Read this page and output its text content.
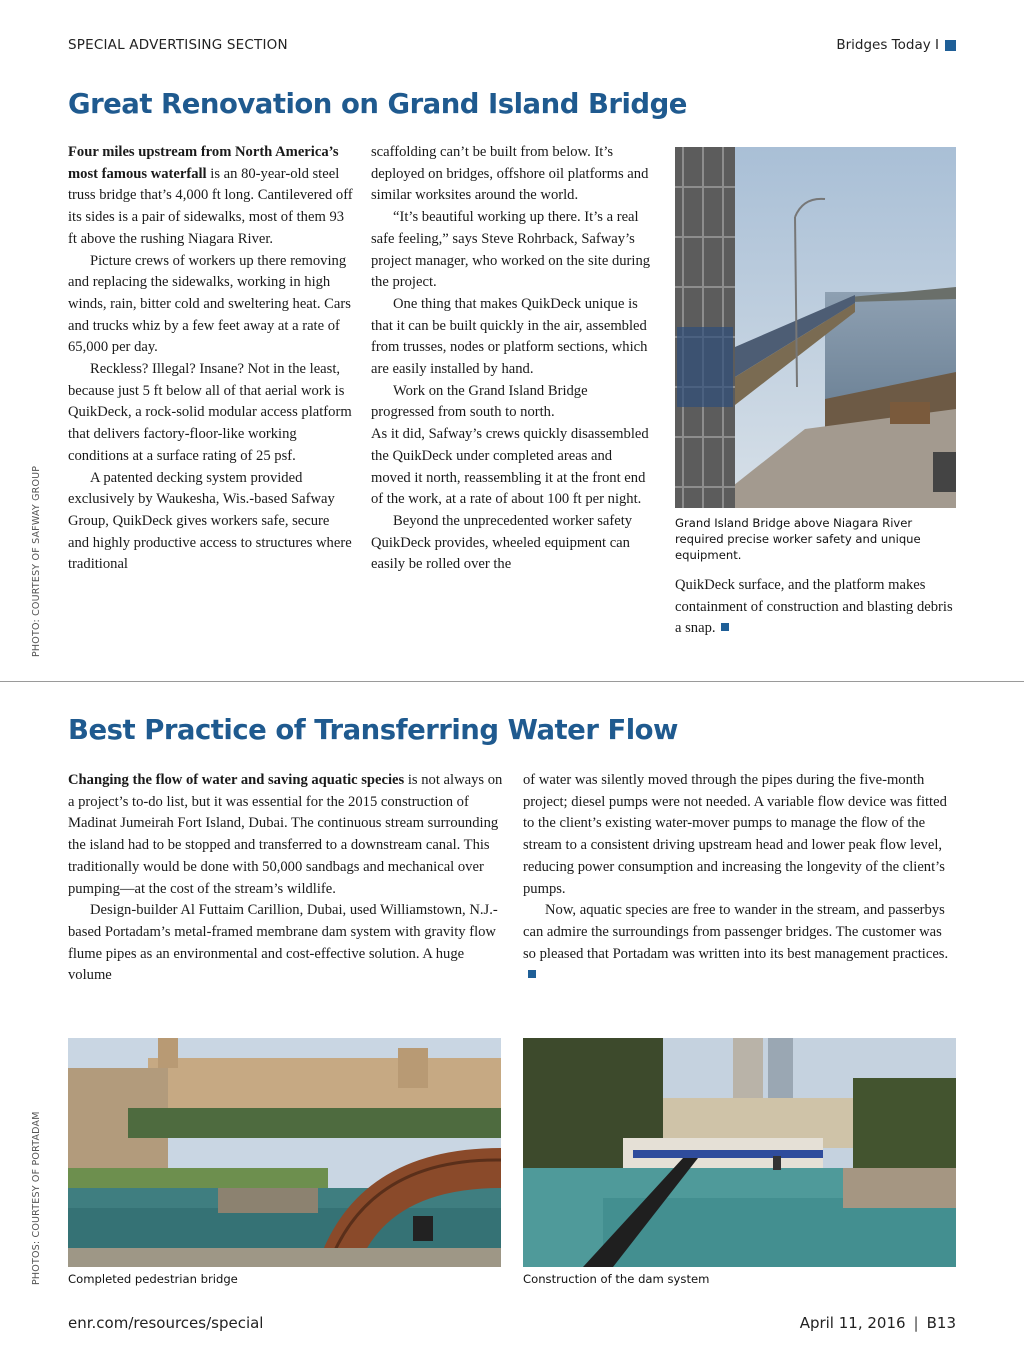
SPECIAL ADVERTISING SECTION	Bridges Today I
Great Renovation on Grand Island Bridge

Four miles upstream from North America’s most famous waterfall is an 80-year-old steel truss bridge that’s 4,000 ft long. Cantilevered off its sides is a pair of sidewalks, most of them 93 ft above the rushing Niagara River.

Picture crews of workers up there removing and replacing the sidewalks, working in high winds, rain, bitter cold and sweltering heat. Cars and trucks whiz by a few feet away at a rate of 65,000 per day.

Reckless? Illegal? Insane? Not in the least, because just 5 ft below all of that aerial work is QuikDeck, a rock-solid modular access platform that delivers factory-floor-like working conditions at a surface rating of 25 psf.

A patented decking system provided exclusively by Waukesha, Wis.-based Safway Group, QuikDeck gives workers safe, secure and highly productive access to structures where traditional

scaffolding can’t be built from below. It’s deployed on bridges, offshore oil platforms and similar worksites around the world.

“It’s beautiful working up there. It’s a real safe feeling,” says Steve Rohrback, Safway’s project manager, who worked on the site during the project.

One thing that makes QuikDeck unique is that it can be built quickly in the air, assembled from trusses, nodes or platform sections, which are easily installed by hand.

Work on the Grand Island Bridge progressed from south to north.

As it did, Safway’s crews quickly disassembled the QuikDeck under completed areas and moved it north, reassembling it at the front end of the work, at a rate of about 100 ft per night.

Beyond the unprecedented worker safety QuikDeck provides, wheeled equipment can easily be rolled over the

Grand Island Bridge above Niagara River required precise worker safety and unique equipment.

QuikDeck surface, and the platform makes containment of construction and blasting debris a snap.

PHOTO: COURTESY OF SAFWAY GROUP
Best Practice of Transferring Water Flow

Changing the flow of water and saving aquatic species is not always on a project’s to-do list, but it was essential for the 2015 construction of Madinat Jumeirah Fort Island, Dubai. The continuous stream surrounding the island had to be stopped and transferred to a downstream canal. This traditionally would be done with 50,000 sandbags and mechanical over pumping—at the cost of the stream’s wildlife.

Design-builder Al Futtaim Carillion, Dubai, used Williamstown, N.J.-based Portadam’s metal-framed membrane dam system with gravity flow flume pipes as an environmental and cost-effective solution. A huge volume

of water was silently moved through the pipes during the five-month project; diesel pumps were not needed. A variable flow device was fitted to the client’s existing water-mover pumps to manage the flow of the stream to a consistent driving upstream head and lower peak flow level, reducing power consumption and increasing the longevity of the client’s pumps.

Now, aquatic species are free to wander in the stream, and passerbys can admire the surroundings from passenger bridges. The customer was so pleased that Portadam was written into its best management practices.

Completed pedestrian bridge	Construction of the dam system
PHOTOS: COURTESY OF PORTADAM
enr.com/resources/special	April 11, 2016 | B13
